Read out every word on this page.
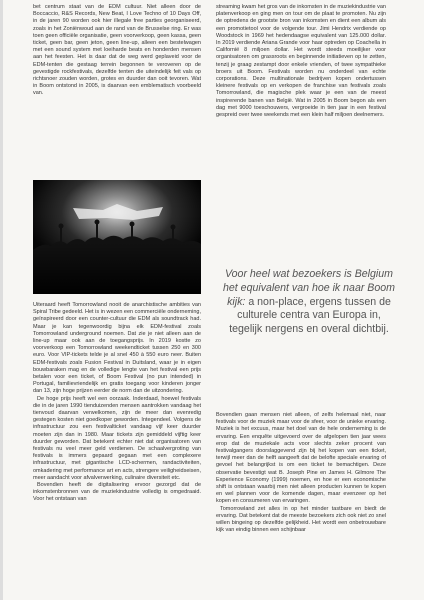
bet centrum staat van de EDM cultuur. Niet alleen door de Boccaccio, R&S Records, New Beat, I Love Techno of 10 Days Off, in de jaren 90 worden ook hier illegale free parties georganiseerd, zoals in het Zoniënwoud aan de rand van de Brusselse ring. Er was toen geen officiële organisatie, geen voorverkoop, geen kassa, geen ticket, geen bar, geen jeton, geen line-up, alleen een bestelwagen met een sound system met loeiharde beats en honderden mensen aan het feesten. Het is daar dat de weg werd geplaveid voor de EDM-tenten die gestaag terrein begonnen te veroveren op de gevestigde rockfestivals, dezelfde tenten die uiteindelijk feit vals op richtsnoer zouden worden, grotes en duurder dan ooit tevoren. Wat in Boom ontstond in 2005, is daarvan een emblematisch voorbeeld van.

Uiteraard heeft Tomorrowland nooit de anarchistische ambities van Spiral Tribe gedeeld. Het is in wezen een commerciële onderneming, geïnspireerd door een counter-cultuur die EDM als soundtrack had. Maar je kan tegenwoordig bijna elk EDM-festival zoals Tomorrowland underground noemen. Dat zie je niet alleen aan de line-up maar ook aan de toegangsprijs. In 2019 kostte zo voorverkoop een Tomorrowland weekendticket tussen 250 en 300 euro. Voor VIP-tickets telde je al snel 450 à 550 euro neer. Buiten EDM-festivals zoals Fusion Festival in Duitsland, waar je in eigen bouwbaraken mag en de volledige lengte van het festival een prijs betalen voor een ticket, of Boom Festival (no pun intended) in Portugal, familievriendelijk en gratis toegang voor kinderen jonger dan 13, zijn hoge prijzen eerder de norm dan de uitzondering.

De hoge prijs heeft wel een oorzaak. Inderdaad, hoewel festivals die in de jaren 1990 tienduizenden mensen aantrokken vandaag het tienvoud daarvan verwelkomen, zijn de meer dan evenredig gestegen kosten niet goedkoper geworden. Integendeel. Volgens de infrastructuur zou een festivalticket vandaag vijf keer duurder moeten zijn dan in 1980. Maar tickets zijn gemiddeld vijftig keer duurder geworden. Dat betekent echter niet dat organisatoren van festivals nu veel meer geld verdienen. De schaalvergroting van festivals is immers gepaard gegaan met een complexere infrastructuur, met gigantische LCD-schermen, randactiviteiten, omkadering met performance art en acts, strengere veiligheidseisen, meer aandacht voor afvalverwerking, culinaire diversiteit etc.

Bovendien heeft de digitalisering ervoor gezorgd dat de inkomstenbronnen van de muziekindustrie volledig is omgedraaid. Voor het ontstaan van

streaming kwam het gros van de inkomsten in de muziekindustrie van platenverkoop en ging men on tour om de plaat te promoten. Nu zijn de optredens de grootste bron van inkomsten en dient een album als een promotietool voor de volgende tour. Jimi Hendrix verdiende op Woodstock in 1969 het hedendaagse equivalent van 125.000 dollar. In 2019 verdiende Ariana Grande voor haar optreden op Coachella in Californië 8 miljoen dollar. Het wordt steeds moeilijker voor organisatoren om grassroots en beginnende initiatieven op te zetten, tenzij je graag zestampt door enkele vrienden, of twee sympathieke broers uit Boom. Festivals worden nu onderdeel van echte corporations. Deze multinationale bedrijven kopen ondertussen kleinere festivals op en verkopen de franchise van festivals zoals Tomorrowland, die magische plek waar je een van de meest inspirerende banen van België. Wat in 2005 in Boom begon als een dag met 9000 toeschouwers, vergroeide in tien jaar in een festival gespreid over twee weekends met een klein half miljoen deelnemers.

Voor heel wat bezoekers is Belgium het equivalent van hoe ik naar Boom kijk: a non-place, ergens tussen de culturele centra van Europa in, tegelijk nergens en overal dichtbij.

Bovendien gaan mensen niet alleen, of zelfs helemaal niet, naar festivals voor de muziek maar voor de sfeer, voor de unieke ervaring. Muziek is het excuus, maar het doel van de hele onderneming is de ervaring. Een enquête uitgevoerd over de afgelopen tien jaar wees erop dat de muziekale acts voor slechts zeker procent van festivalgangers doorslaggevend zijn bij het kopen van een ticket, terwijl meer dan de helft aangeeft dat de belofte speciale ervaring of gevoel het belangrijkst is om een ticket te bemachtigen. Deze observatie bevestigt wat B. Joseph Pine en James H. Gilmore The Experience Economy (1999) noemen, en hoe er een economische shift is ontstaan waarbij men niet alleen producten kunnen te kopen en wel plannen voor de komende dagen, maar evenzeer op het kopen en consumeren van ervaringen.

Tomorrowland zet alles in op het minder tastbare en biedt de ervaring. Dat betekent dat de meeste bezoekers zich ook niet zo snel willen bingeing op dezelfde gelijkheid. Het wordt een onbetrouwbare kijk van eindig binnen een schijnbaar
